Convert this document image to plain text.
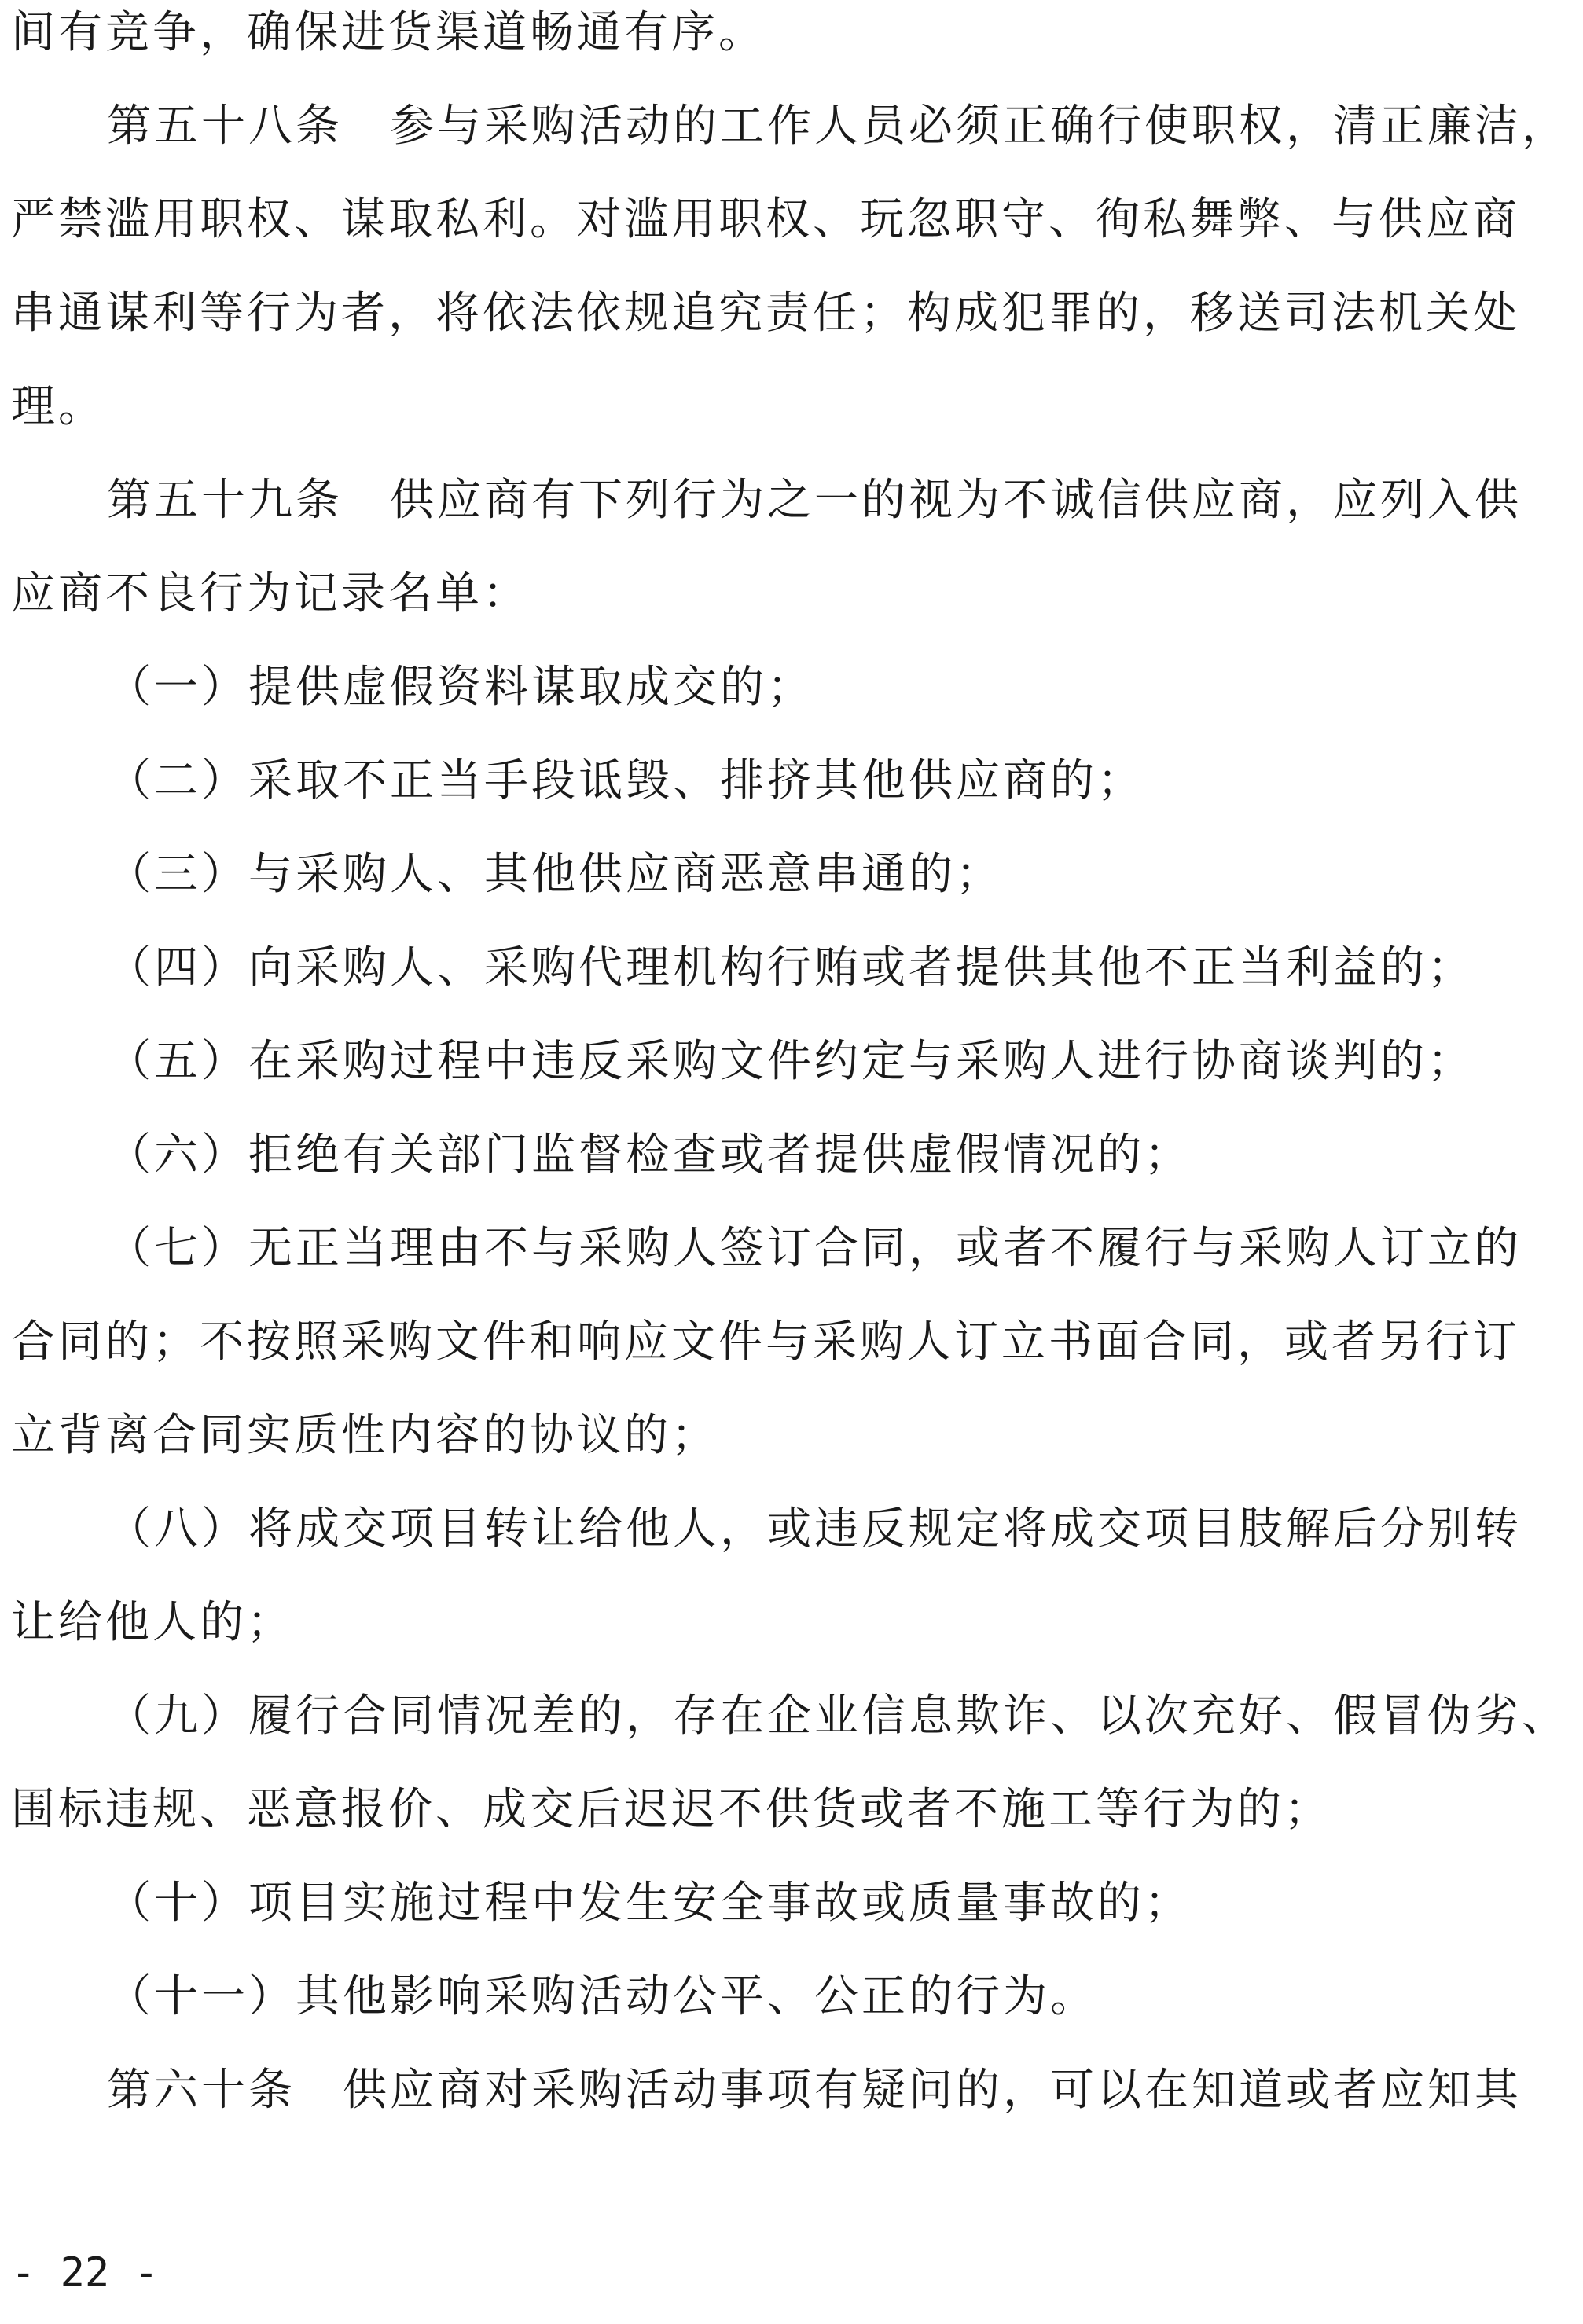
间有竞争，确保进货渠道畅通有序。
第五十八条　参与采购活动的工作人员必须正确行使职权，清正廉洁，
严禁滥用职权、谋取私利。对滥用职权、玩忽职守、徇私舞弊、与供应商
串通谋利等行为者，将依法依规追究责任；构成犯罪的，移送司法机关处
理。
第五十九条　供应商有下列行为之一的视为不诚信供应商，应列入供
应商不良行为记录名单：
（一）提供虚假资料谋取成交的；
（二）采取不正当手段诋毁、排挤其他供应商的；
（三）与采购人、其他供应商恶意串通的；
（四）向采购人、采购代理机构行贿或者提供其他不正当利益的；
（五）在采购过程中违反采购文件约定与采购人进行协商谈判的；
（六）拒绝有关部门监督检查或者提供虚假情况的；
（七）无正当理由不与采购人签订合同，或者不履行与采购人订立的
合同的；不按照采购文件和响应文件与采购人订立书面合同，或者另行订
立背离合同实质性内容的协议的；
（八）将成交项目转让给他人，或违反规定将成交项目肢解后分别转
让给他人的；
（九）履行合同情况差的，存在企业信息欺诈、以次充好、假冒伪劣、
围标违规、恶意报价、成交后迟迟不供货或者不施工等行为的；
（十）项目实施过程中发生安全事故或质量事故的；
（十一）其他影响采购活动公平、公正的行为。
第六十条　供应商对采购活动事项有疑问的，可以在知道或者应知其
- 22 -
